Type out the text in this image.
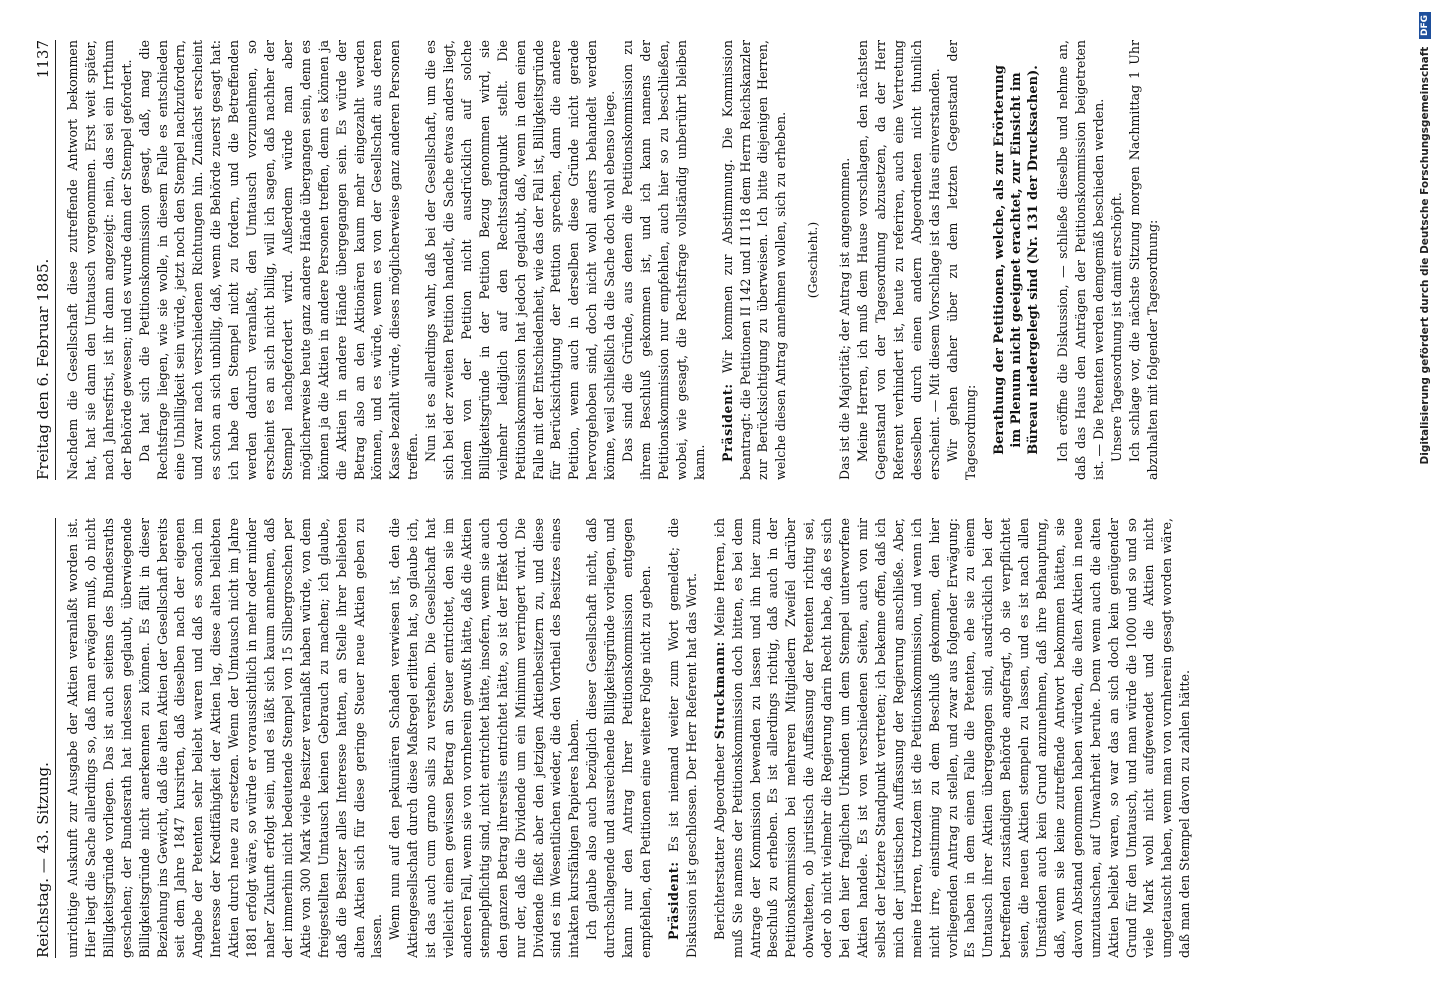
Reichstag. — 43. Sitzung.
Freitag den 6. Februar 1885.
1137

unrichtige Auskunft zur Ausgabe der Aktien veranlaßt worden ist. Hier liegt die Sache allerdings so, daß man erwägen muß, ob nicht Billigkeitsgründe vorliegen. Das ist auch seitens des Bundesraths geschehen; der Bundesrath hat indessen geglaubt, überwiegende Billigkeitsgründe nicht anerkennen zu können. Es fällt in dieser Beziehung ins Gewicht, daß die alten Aktien der Gesellschaft bereits seit dem Jahre 1847 kursirten, daß dieselben nach der eigenen Angabe der Petenten sehr beliebt waren und daß es sonach im Interesse der Kreditfähigkeit der Aktien lag, diese alten beliebten Aktien durch neue zu ersetzen. Wenn der Umtausch nicht im Jahre 1881 erfolgt wäre, so würde er voraussichtlich in mehr oder minder naher Zukunft erfolgt sein, und es läßt sich kaum annehmen, daß der immerhin nicht bedeutende Stempel von 15 Silbergroschen per Aktie von 300 Mark viele Besitzer veranlaßt haben würde, von dem freigestellten Umtausch keinen Gebrauch zu machen; ich glaube, daß die Besitzer alles Interesse hatten, an Stelle ihrer beliebten alten Aktien sich für diese geringe Steuer neue Aktien geben zu lassen. Wenn nun auf den pekuniären Schaden verwiesen ist, den die Aktiengesellschaft durch diese Maßregel erlitten hat, so glaube ich, ist das auch cum grano salis zu verstehen. Die Gesellschaft hat vielleicht einen gewissen Betrag an Steuer entrichtet, den sie im anderen Fall, wenn sie von vornherein gewußt hätte, daß die Aktien stempelpflichtig sind, nicht entrichtet hätte, insofern, wenn sie auch den ganzen Betrag ihrerseits entrichtet hätte, so ist der Effekt doch nur der, daß die Dividende um ein Minimum verringert wird. Die Dividende fließt aber den jetzigen Aktienbesitzern zu, und diese sind es im Wesentlichen wieder, die den Vortheil des Besitzes eines intakten kursfähigen Papieres haben. Ich glaube also auch bezüglich dieser Gesellschaft nicht, daß durchschlagende und ausreichende Billigkeitsgründe vorliegen, und kann nur den Antrag Ihrer Petitionskommission entgegen empfehlen, den Petitionen eine weitere Folge nicht zu geben. Präsident: Es ist niemand weiter zum Wort gemeldet; die Diskussion ist geschlossen. Der Herr Referent hat das Wort. Berichterstatter Abgeordneter Struckmann: Meine Herren, ich muß Sie namens der Petitionskommission doch bitten, es bei dem Antrage der Kommission bewenden zu lassen und ihn hier zum Beschluß zu erheben. Es ist allerdings richtig, daß auch in der Petitionskommission bei mehreren Mitgliedern Zweifel darüber obwalteten, ob juristisch die Auffassung der Petenten richtig sei, oder ob nicht vielmehr die Regierung darin Recht habe, daß es sich bei den hier fraglichen Urkunden um dem Stempel unterworfene Aktien handele. Es ist von verschiedenen Seiten, auch von mir selbst der letztere Standpunkt vertreten; ich bekenne offen, daß ich mich der juristischen Auffassung der Regierung anschließe. Aber, meine Herren, trotzdem ist die Petitionskommission, und wenn ich nicht irre, einstimmig zu dem Beschluß gekommen, den hier vorliegenden Antrag zu stellen, und zwar aus folgender Erwägung: Es haben in dem einen Falle die Petenten, ehe sie zu einem Umtausch ihrer Aktien übergegangen sind, ausdrücklich bei der betreffenden zuständigen Behörde angefragt, ob sie verpflichtet seien, die neuen Aktien stempeln zu lassen, und es ist nach allen Umständen auch kein Grund anzunehmen, daß ihre Behauptung, daß, wenn sie keine zutreffende Antwort bekommen hätten, sie davon Abstand genommen haben würden, die alten Aktien in neue umzutauschen, auf Unwahrheit beruhe. Denn wenn auch die alten Aktien beliebt waren, so war das an sich doch kein genügender Grund für den Umtausch, und man würde die 1000 und so und so viele Mark wohl nicht aufgewendet und die Aktien nicht umgetauscht haben, wenn man von vornherein gesagt worden wäre, daß man den Stempel davon zu zahlen hätte.

Nachdem die Gesellschaft diese zutreffende Antwort bekommen hat, hat sie dann den Umtausch vorgenommen. Erst weit später, nach Jahresfrist, ist ihr dann angezeigt: nein, das sei ein Irrthum der Behörde gewesen; und es wurde dann der Stempel gefordert. Da hat sich die Petitionskommission gesagt, daß, mag die Rechtsfrage liegen, wie sie wolle, in diesem Falle es entschieden eine Unbilligkeit sein würde, jetzt noch den Stempel nachzufordern, und zwar nach verschiedenen Richtungen hin. Zunächst erscheint es schon an sich unbillig, daß, wenn die Behörde zuerst gesagt hat: ich habe den Stempel nicht zu fordern, und die Betreffenden werden dadurch veranlaßt, den Umtausch vorzunehmen, so erscheint es an sich nicht billig, will ich sagen, daß nachher der Stempel nachgefordert wird. Außerdem würde man aber möglicherweise heute ganz andere Hände übergangen sein, denn es können ja die Aktien in andere Personen treffen, denn es können ja die Aktien in andere Hände übergegangen sein. Es würde der Betrag also an den Aktionären kaum mehr eingezahlt werden können, und es würde, wenn es von der Gesellschaft aus deren Kasse bezahlt würde, dieses möglicherweise ganz anderen Personen treffen. Nun ist es allerdings wahr, daß bei der Gesellschaft, um die es sich bei der zweiten Petition handelt, die Sache etwas anders liegt, indem von der Petition nicht ausdrücklich auf solche Billigkeitsgründe in der Petition Bezug genommen wird, sie vielmehr lediglich auf den Rechtsstandpunkt stellt. Die Petitionskommission hat jedoch geglaubt, daß, wenn in dem einen Falle mit der Entschiedenheit, wie das der Fall ist, Billigkeitsgründe für Berücksichtigung der Petition sprechen, dann die andere Petition, wenn auch in derselben diese Gründe nicht gerade hervorgehoben sind, doch nicht wohl anders behandelt werden könne, weil schließlich da die Sache doch wohl ebenso liege. Das sind die Gründe, aus denen die Petitionskommission zu ihrem Beschluß gekommen ist, und ich kann namens der Petitionskommission nur empfehlen, auch hier so zu beschließen, wobei, wie gesagt, die Rechtsfrage vollständig unberührt bleiben kann.

Präsident: Wir kommen zur Abstimmung. Die Kommission beantragt: die Petitionen II 142 und II 118 dem Herrn Reichskanzler zur Berücksichtigung zu überweisen. Ich bitte diejenigen Herren, welche diesen Antrag annehmen wollen, sich zu erheben. (Geschieht.) Das ist die Majorität; der Antrag ist angenommen. Meine Herren, ich muß dem Hause vorschlagen, den nächsten Gegenstand von der Tagesordnung abzusetzen, da der Herr Referent verhindert ist, heute zu referiren, auch eine Vertretung desselben durch einen andern Abgeordneten nicht thunlich erscheint. — Mit diesem Vorschlage ist das Haus einverstanden. Wir gehen daher über zu dem letzten Gegenstand der Tagesordnung: Berathung der Petitionen, welche, als zur Erörterung im Plenum nicht geeignet erachtet, zur Einsicht im Büreau niedergelegt sind (Nr. 131 der Drucksachen). Ich eröffne die Diskussion, — schließe dieselbe und nehme an, daß das Haus den Anträgen der Petitionskommission beigetreten ist. — Die Petenten werden demgemäß beschieden werden. Unsere Tagesordnung ist damit erschöpft. Ich schlage vor, die nächste Sitzung morgen Nachmittag 1 Uhr abzuhalten mit folgender Tagesordnung:	Digitalisierung gefördert durch die Deutsche Forschungsgemeinschaft DFG
